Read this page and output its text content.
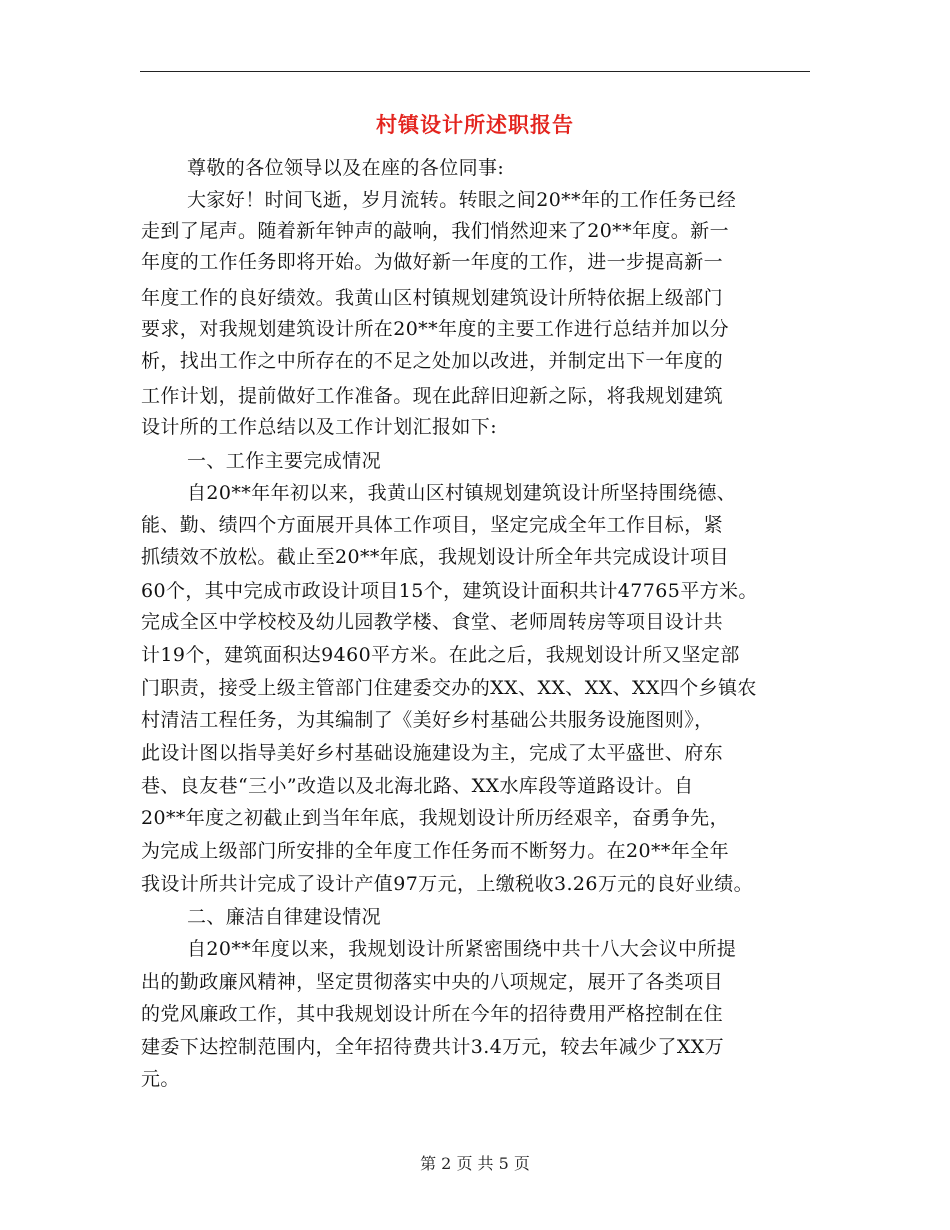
村镇设计所述职报告
尊敬的各位领导以及在座的各位同事:
大家好！时间飞逝，岁月流转。转眼之间20**年的工作任务已经
走到了尾声。随着新年钟声的敲响，我们悄然迎来了20**年度。新一
年度的工作任务即将开始。为做好新一年度的工作，进一步提高新一
年度工作的良好绩效。我黄山区村镇规划建筑设计所特依据上级部门
要求，对我规划建筑设计所在20**年度的主要工作进行总结并加以分
析，找出工作之中所存在的不足之处加以改进，并制定出下一年度的
工作计划，提前做好工作准备。现在此辞旧迎新之际，将我规划建筑
设计所的工作总结以及工作计划汇报如下:
一、工作主要完成情况
自20**年年初以来，我黄山区村镇规划建筑设计所坚持围绕德、
能、勤、绩四个方面展开具体工作项目，坚定完成全年工作目标，紧
抓绩效不放松。截止至20**年底，我规划设计所全年共完成设计项目
60个，其中完成市政设计项目15个，建筑设计面积共计47765平方米。
完成全区中学校校及幼儿园教学楼、食堂、老师周转房等项目设计共
计19个，建筑面积达9460平方米。在此之后，我规划设计所又坚定部
门职责，接受上级主管部门住建委交办的XX、XX、XX、XX四个乡镇农
村清洁工程任务，为其编制了《美好乡村基础公共服务设施图则》，
此设计图以指导美好乡村基础设施建设为主，完成了太平盛世、府东
巷、良友巷“三小”改造以及北海北路、XX水库段等道路设计。自
20**年度之初截止到当年年底，我规划设计所历经艰辛，奋勇争先，
为完成上级部门所安排的全年度工作任务而不断努力。在20**年全年
我设计所共计完成了设计产值97万元，上缴税收3.26万元的良好业绩。
二、廉洁自律建设情况
自20**年度以来，我规划设计所紧密围绕中共十八大会议中所提
出的勤政廉风精神，坚定贯彻落实中央的八项规定，展开了各类项目
的党风廉政工作，其中我规划设计所在今年的招待费用严格控制在住
建委下达控制范围内，全年招待费共计3.4万元，较去年减少了XX万
元。
第 2 页 共 5 页
